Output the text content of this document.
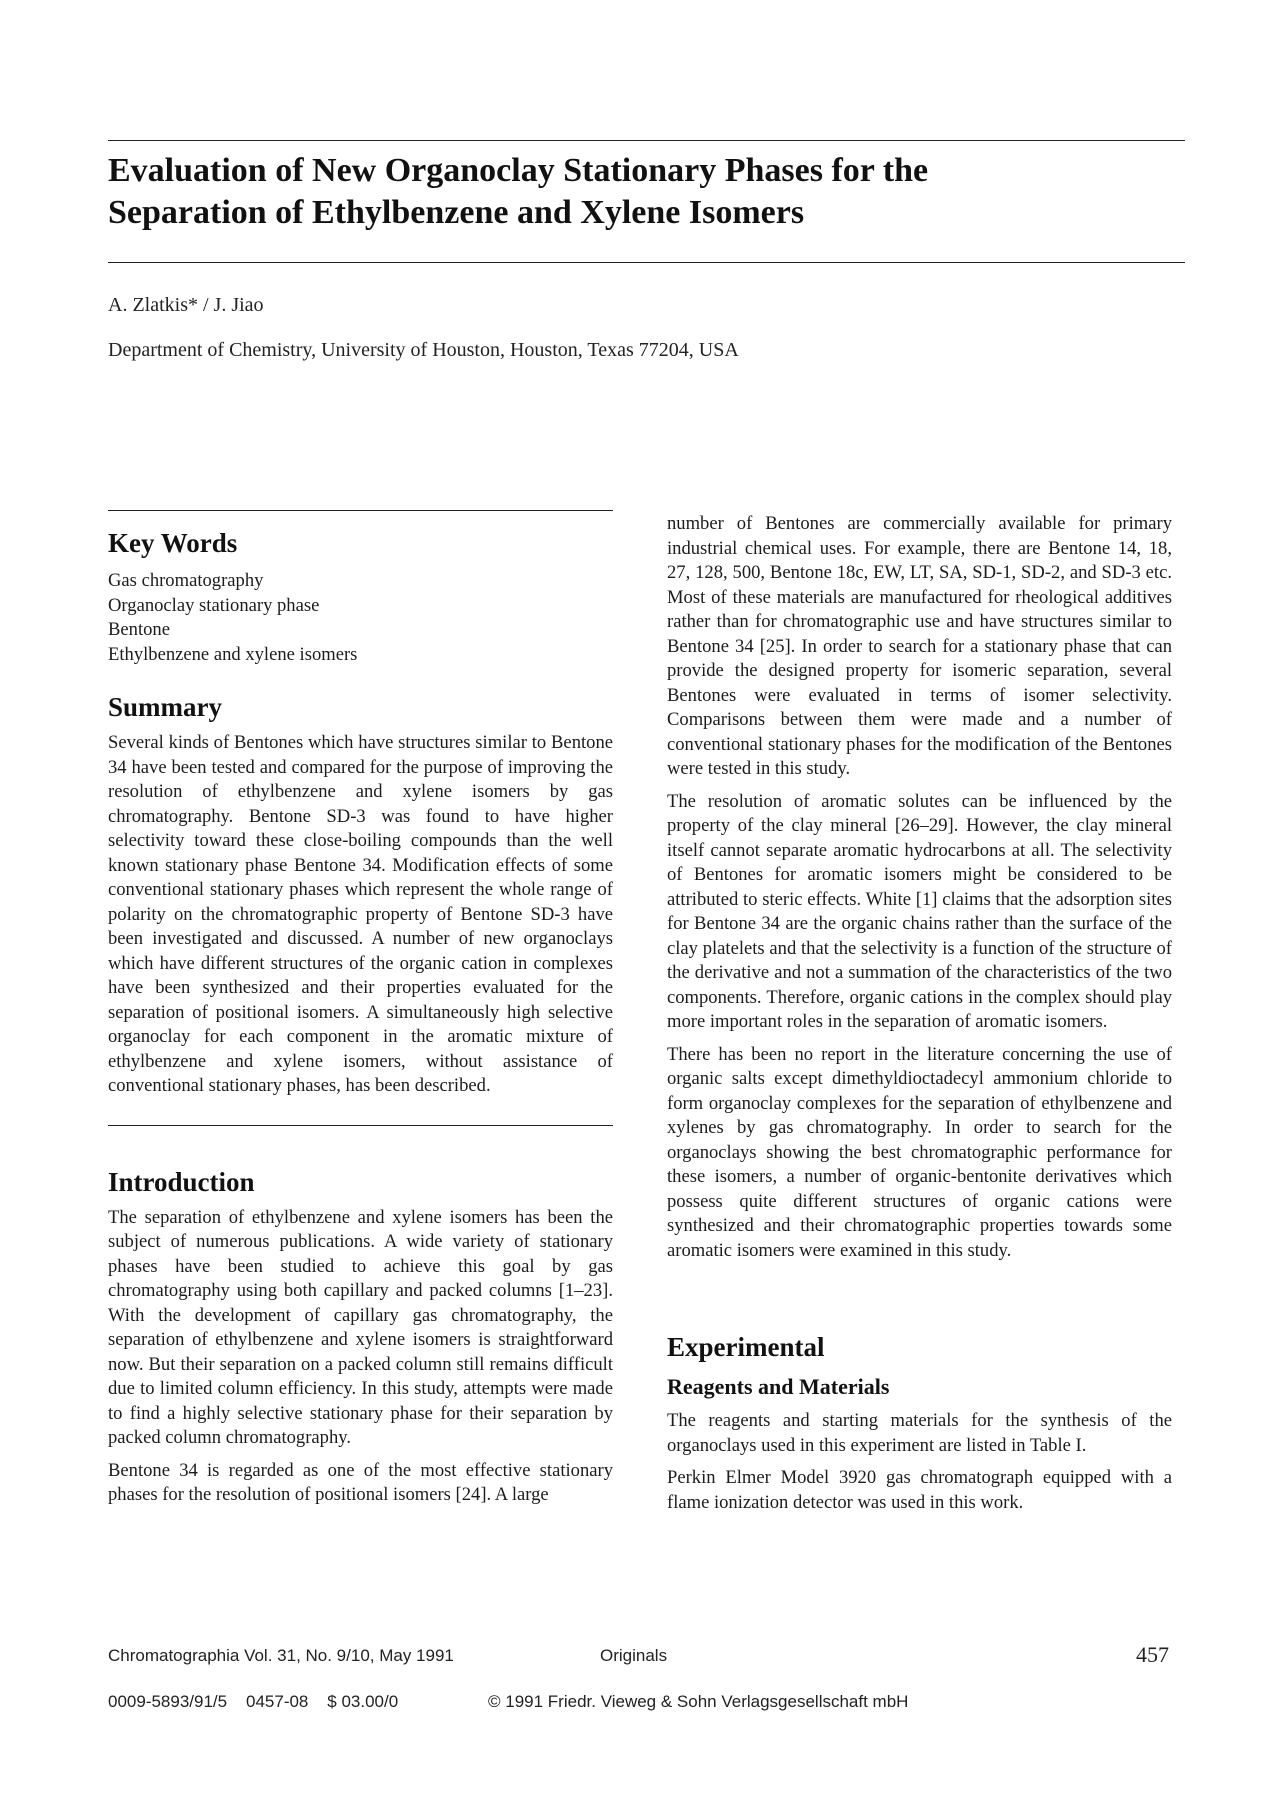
Evaluation of New Organoclay Stationary Phases for the
Separation of Ethylbenzene and Xylene Isomers
A. Zlatkis* / J. Jiao
Department of Chemistry, University of Houston, Houston, Texas 77204, USA
Key Words
Gas chromatography
Organoclay stationary phase
Bentone
Ethylbenzene and xylene isomers
Summary

Several kinds of Bentones which have structures similar to Bentone 34 have been tested and compared for the purpose of improving the resolution of ethylbenzene and xylene isomers by gas chromatography. Bentone SD-3 was found to have higher selectivity toward these close-boiling compounds than the well known stationary phase Bentone 34. Modification effects of some conventional stationary phases which represent the whole range of polarity on the chromatographic property of Bentone SD-3 have been investigated and discussed. A number of new organoclays which have different structures of the organic cation in complexes have been synthesized and their properties evaluated for the separation of positional isomers. A simultaneously high selective organoclay for each component in the aromatic mixture of ethylbenzene and xylene isomers, without assistance of conventional stationary phases, has been described.

Introduction

The separation of ethylbenzene and xylene isomers has been the subject of numerous publications. A wide variety of stationary phases have been studied to achieve this goal by gas chromatography using both capillary and packed columns [1–23]. With the development of capillary gas chromatography, the separation of ethylbenzene and xylene isomers is straightforward now. But their separation on a packed column still remains difficult due to limited column efficiency. In this study, attempts were made to find a highly selective stationary phase for their separation by packed column chromatography.

Bentone 34 is regarded as one of the most effective stationary phases for the resolution of positional isomers [24]. A large

number of Bentones are commercially available for primary industrial chemical uses. For example, there are Bentone 14, 18, 27, 128, 500, Bentone 18c, EW, LT, SA, SD-1, SD-2, and SD-3 etc. Most of these materials are manufactured for rheological additives rather than for chromatographic use and have structures similar to Bentone 34 [25]. In order to search for a stationary phase that can provide the designed property for isomeric separation, several Bentones were evaluated in terms of isomer selectivity. Comparisons between them were made and a number of conventional stationary phases for the modification of the Bentones were tested in this study.

The resolution of aromatic solutes can be influenced by the property of the clay mineral [26–29]. However, the clay mineral itself cannot separate aromatic hydrocarbons at all. The selectivity of Bentones for aromatic isomers might be considered to be attributed to steric effects. White [1] claims that the adsorption sites for Bentone 34 are the organic chains rather than the surface of the clay platelets and that the selectivity is a function of the structure of the derivative and not a summation of the characteristics of the two components. Therefore, organic cations in the complex should play more important roles in the separation of aromatic isomers.

There has been no report in the literature concerning the use of organic salts except dimethyldioctadecyl ammonium chloride to form organoclay complexes for the separation of ethylbenzene and xylenes by gas chromatography. In order to search for the organoclays showing the best chromatographic performance for these isomers, a number of organic-bentonite derivatives which possess quite different structures of organic cations were synthesized and their chromatographic properties towards some aromatic isomers were examined in this study.

Experimental
Reagents and Materials

The reagents and starting materials for the synthesis of the organoclays used in this experiment are listed in Table I.

Perkin Elmer Model 3920 gas chromatograph equipped with a flame ionization detector was used in this work.

Chromatographia Vol. 31, No. 9/10, May 1991	Originals	457
0009-5893/91/5    0457-08    $ 03.00/0	© 1991 Friedr. Vieweg & Sohn Verlagsgesellschaft mbH
